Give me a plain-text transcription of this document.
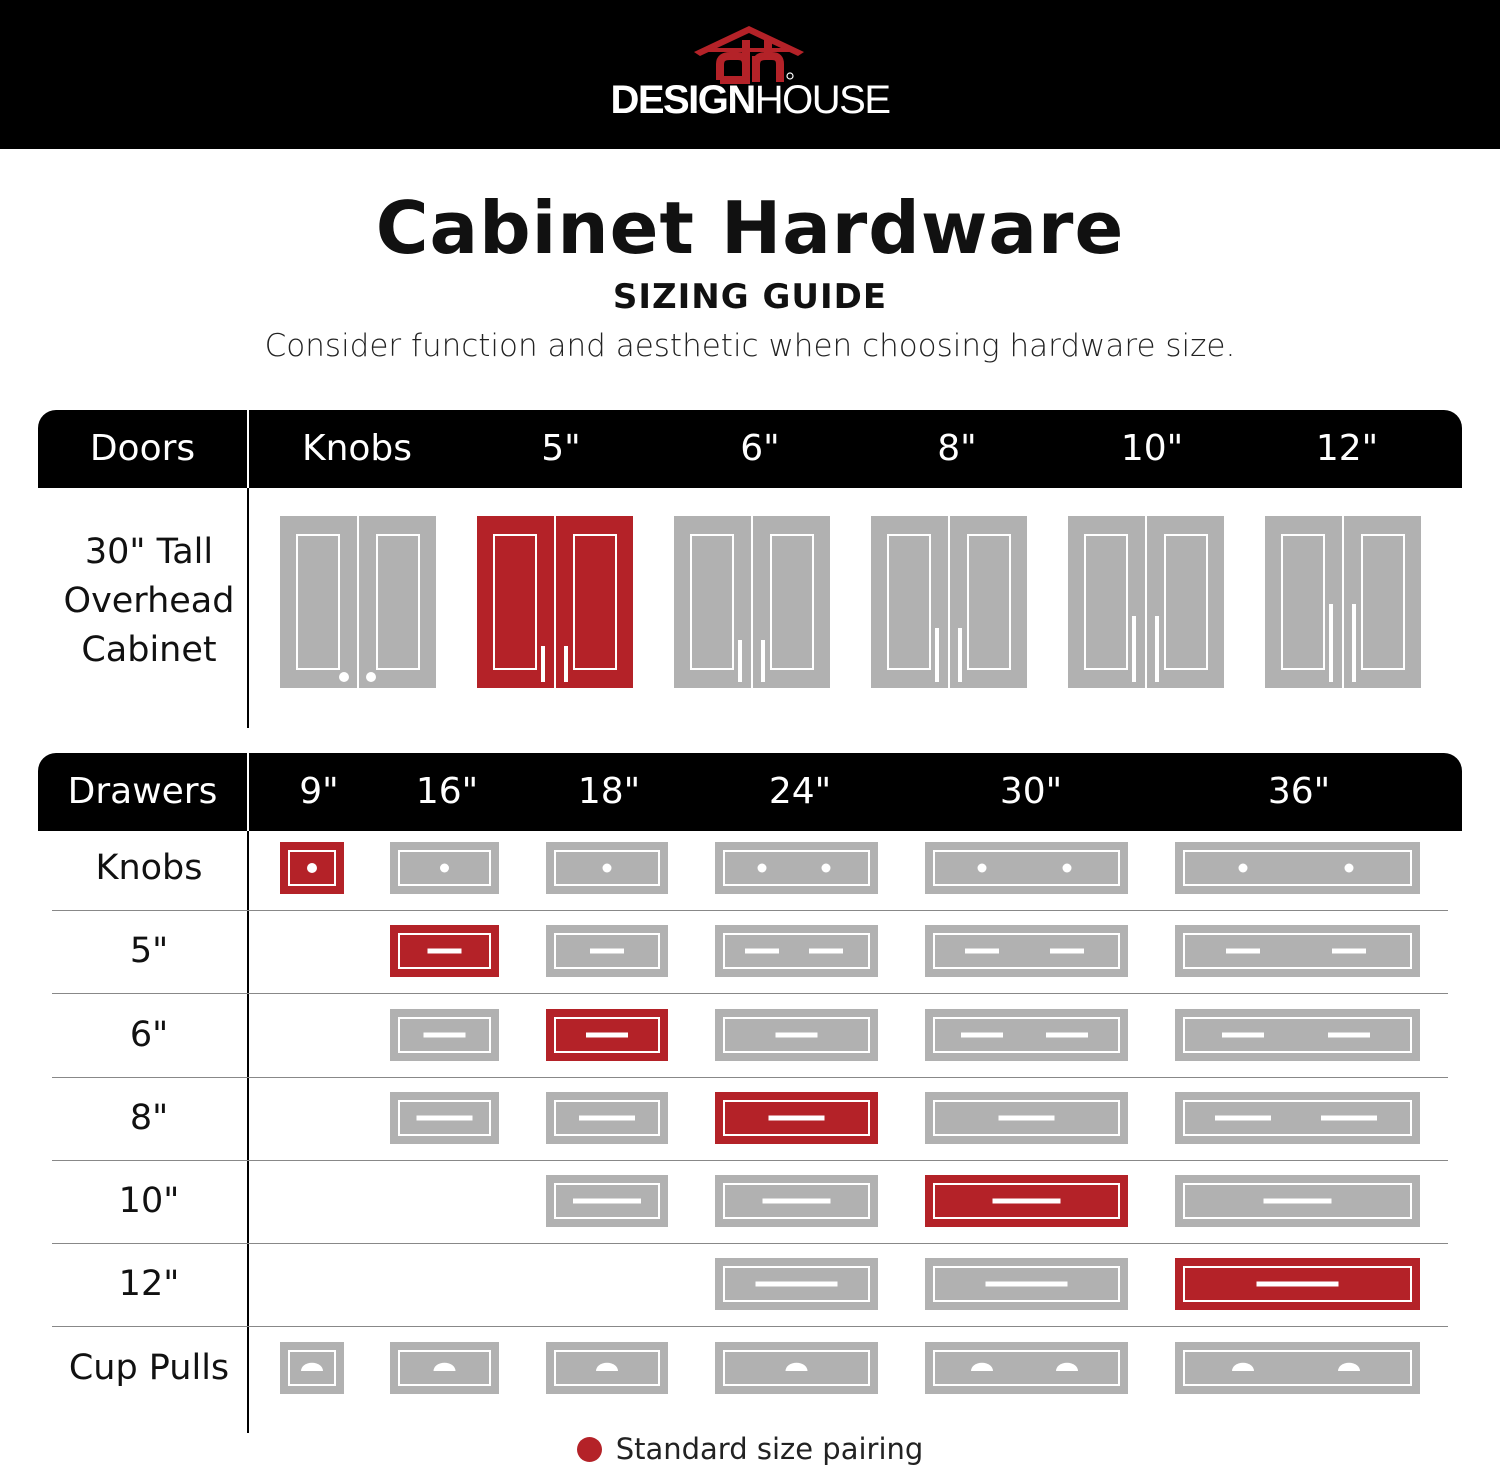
DESIGNHOUSE
Cabinet Hardware
SIZING GUIDE
Consider function and aesthetic when choosing hardware size.
Doors	Knobs	5"	6"	8"	10"	12"
30" Tall
Overhead
Cabinet
Drawers	9"	16"	18"	24"	30"	36"
Knobs
5"
6"
8"
10"
12"
Cup Pulls
Standard size pairing
